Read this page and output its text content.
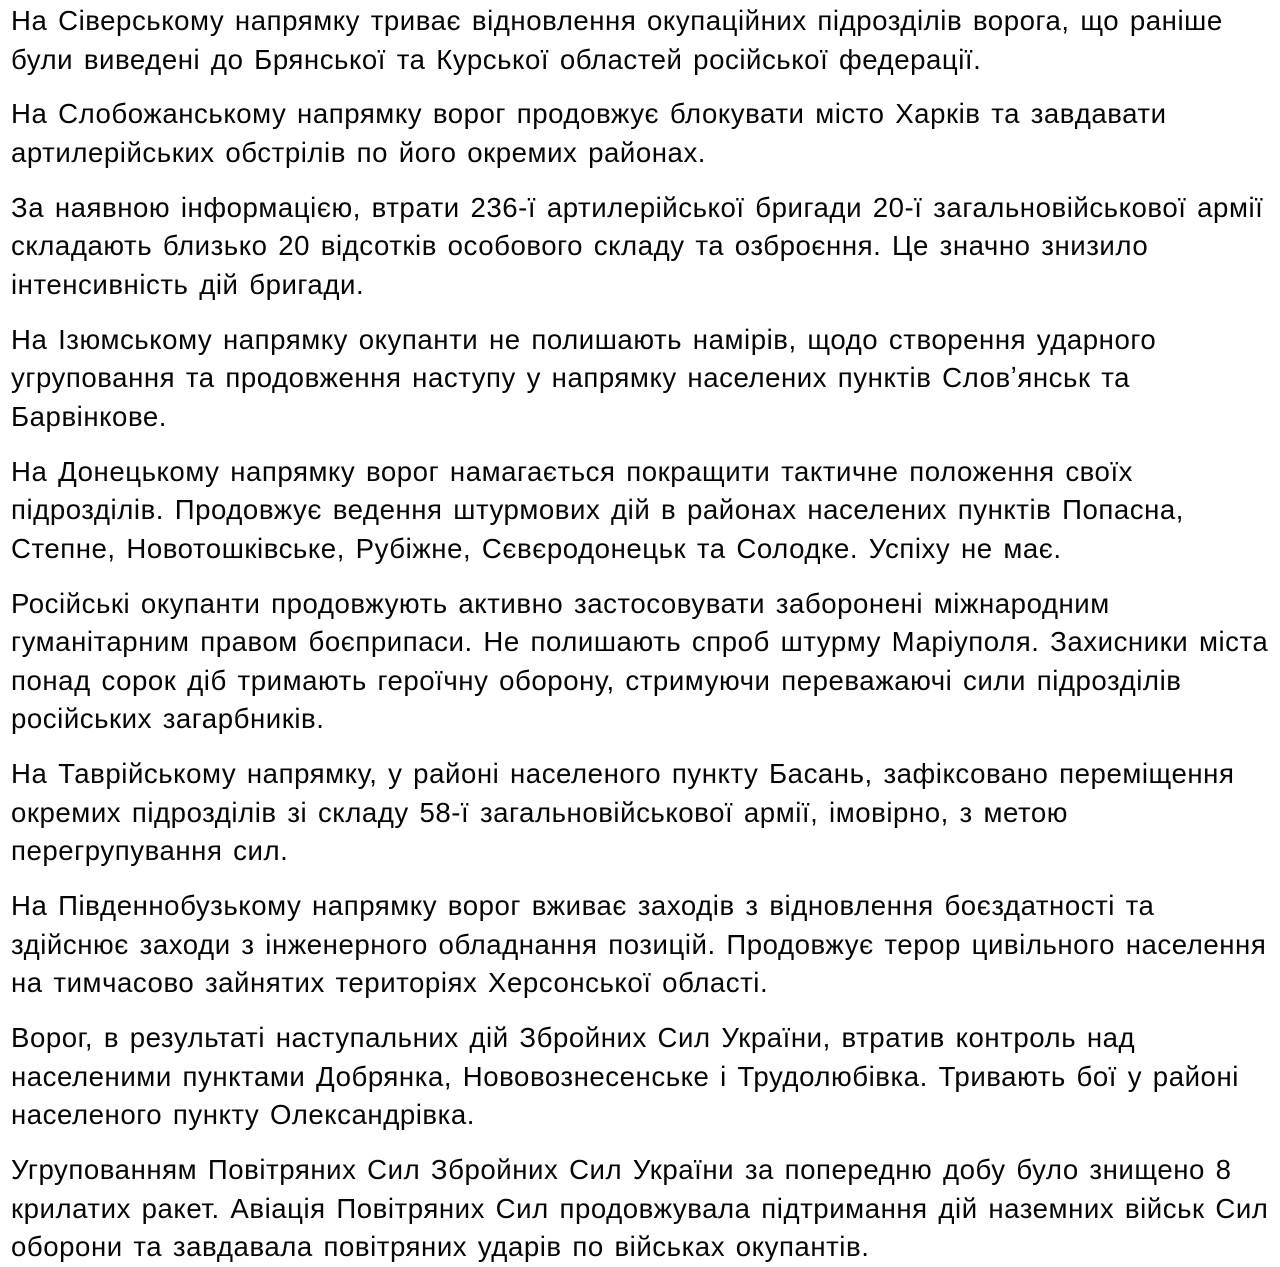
На Сіверському напрямку триває відновлення окупаційних підрозділів ворога, що раніше були виведені до Брянської та Курської областей російської федерації.

На Слобожанському напрямку ворог продовжує блокувати місто Харків та завдавати артилерійських обстрілів по його окремих районах.

За наявною інформацією, втрати 236-ї артилерійської бригади 20-ї загальновійськової армії складають близько 20 відсотків особового складу та озброєння. Це значно знизило інтенсивність дій бригади.

На Ізюмському напрямку окупанти не полишають намірів, щодо створення ударного угруповання та продовження наступу у напрямку населених пунктів Словʼянськ та Барвінкове.

На Донецькому напрямку ворог намагається покращити тактичне положення своїх підрозділів. Продовжує ведення штурмових дій в районах населених пунктів Попасна, Степне, Новотошківське, Рубіжне, Сєвєродонецьк та Солодке. Успіху не має.

Російські окупанти продовжують активно застосовувати заборонені міжнародним гуманітарним правом боєприпаси. Не полишають спроб штурму Маріуполя. Захисники міста понад сорок діб тримають героїчну оборону, стримуючи переважаючі сили підрозділів російських загарбників.

На Таврійському напрямку, у районі населеного пункту Басань, зафіксовано переміщення окремих підрозділів зі складу 58-ї загальновійськової армії, імовірно, з метою перегрупування сил.

На Південнобузькому напрямку ворог вживає заходів з відновлення боєздатності та здійснює заходи з інженерного обладнання позицій. Продовжує терор цивільного населення на тимчасово зайнятих територіях Херсонської області.

Ворог, в результаті наступальних дій Збройних Сил України, втратив контроль над населеними пунктами Добрянка, Нововознесенське і Трудолюбівка. Тривають бої у районі населеного пункту Олександрівка.

Угрупованням Повітряних Сил Збройних Сил України за попередню добу було знищено 8 крилатих ракет. Авіація Повітряних Сил продовжувала підтримання дій наземних військ Сил оборони та завдавала повітряних ударів по військах окупантів.
